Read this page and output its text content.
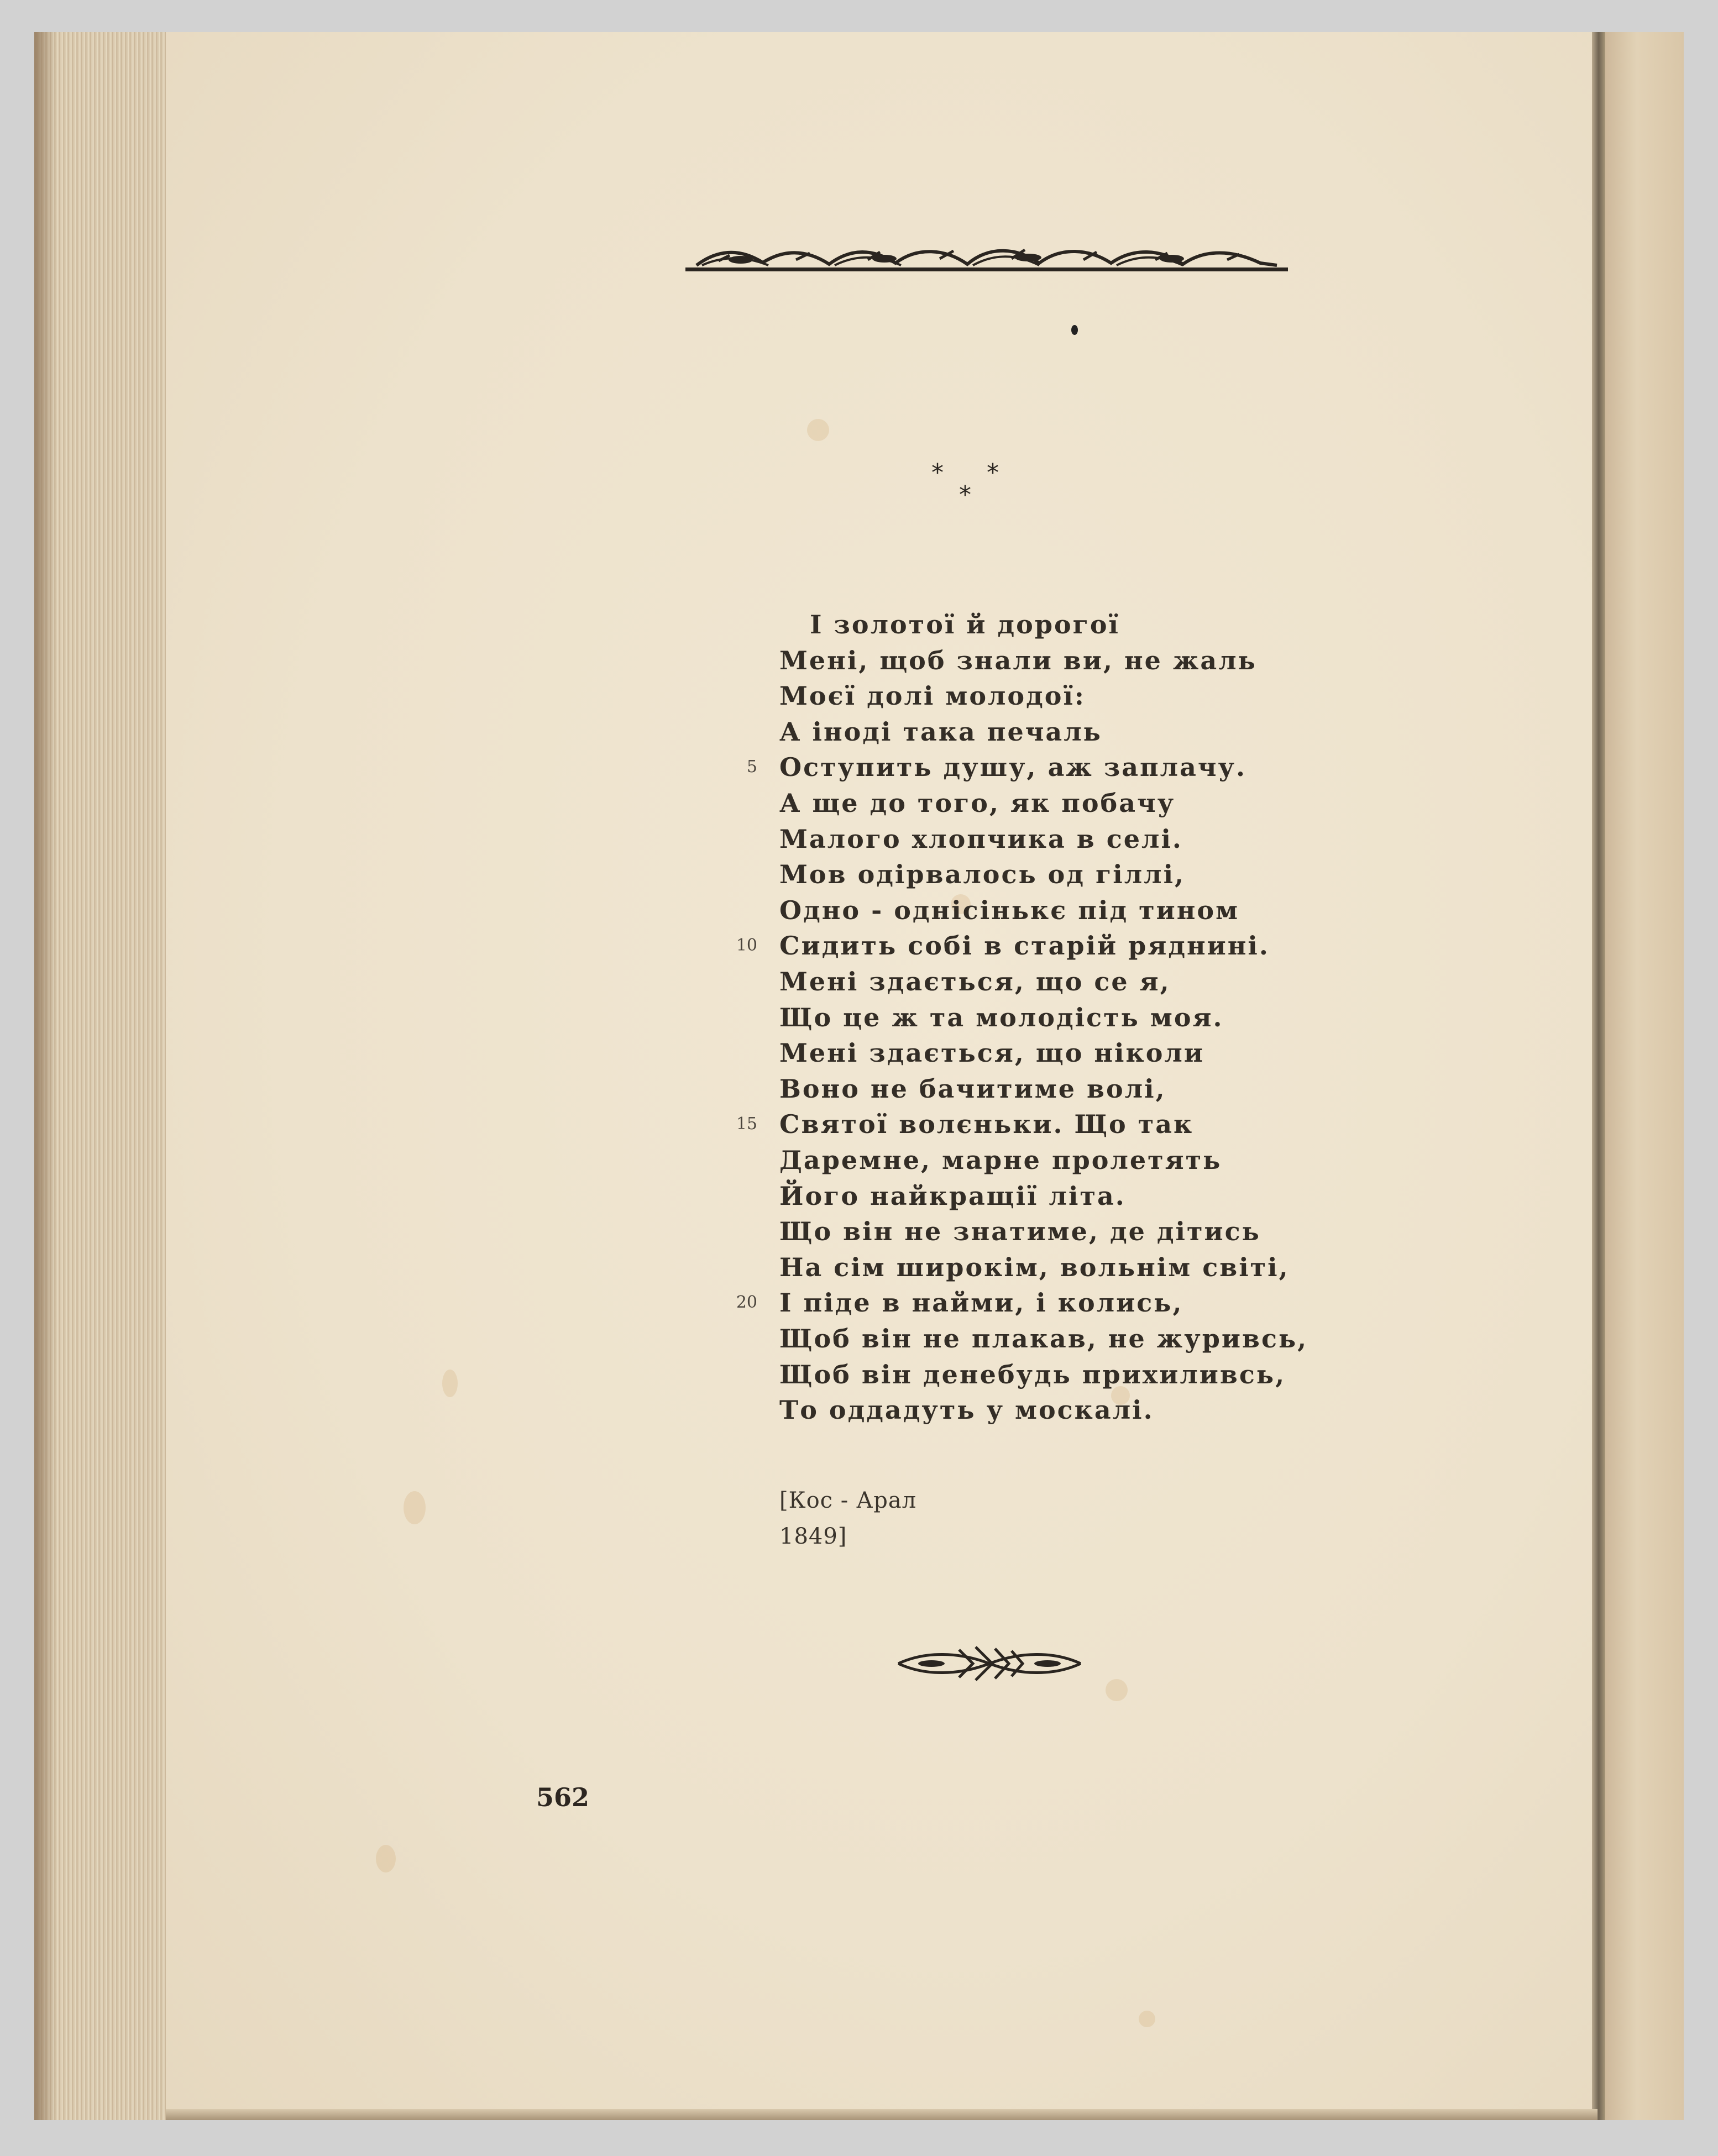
* *
*
І золотої й дорогої
Мені, щоб знали ви, не жаль
Моєї долі молодої:
А іноді така печаль
Оступить душу, аж заплачу.
5
А ще до того, як побачу
Малого хлопчика в селі.
Мов одірвалось од гіллі,
Одно - однісінькє під тином
Сидить собі в старій ряднині.
10
Мені здається, що се я,
Що це ж та молодість моя.
Мені здається, що ніколи
Воно не бачитиме волі,
Святої волєньки. Що так
15
Даремне, марне пролетять
Його найкращії літа.
Що він не знатиме, де дітись
На сім широкім, вольнім світі,
І піде в найми, і колись,
20
Щоб він не плакав, не журивсь,
Щоб він денебудь прихиливсь,
То оддадуть у москалі.
[Кос - Арал
1849]
562
